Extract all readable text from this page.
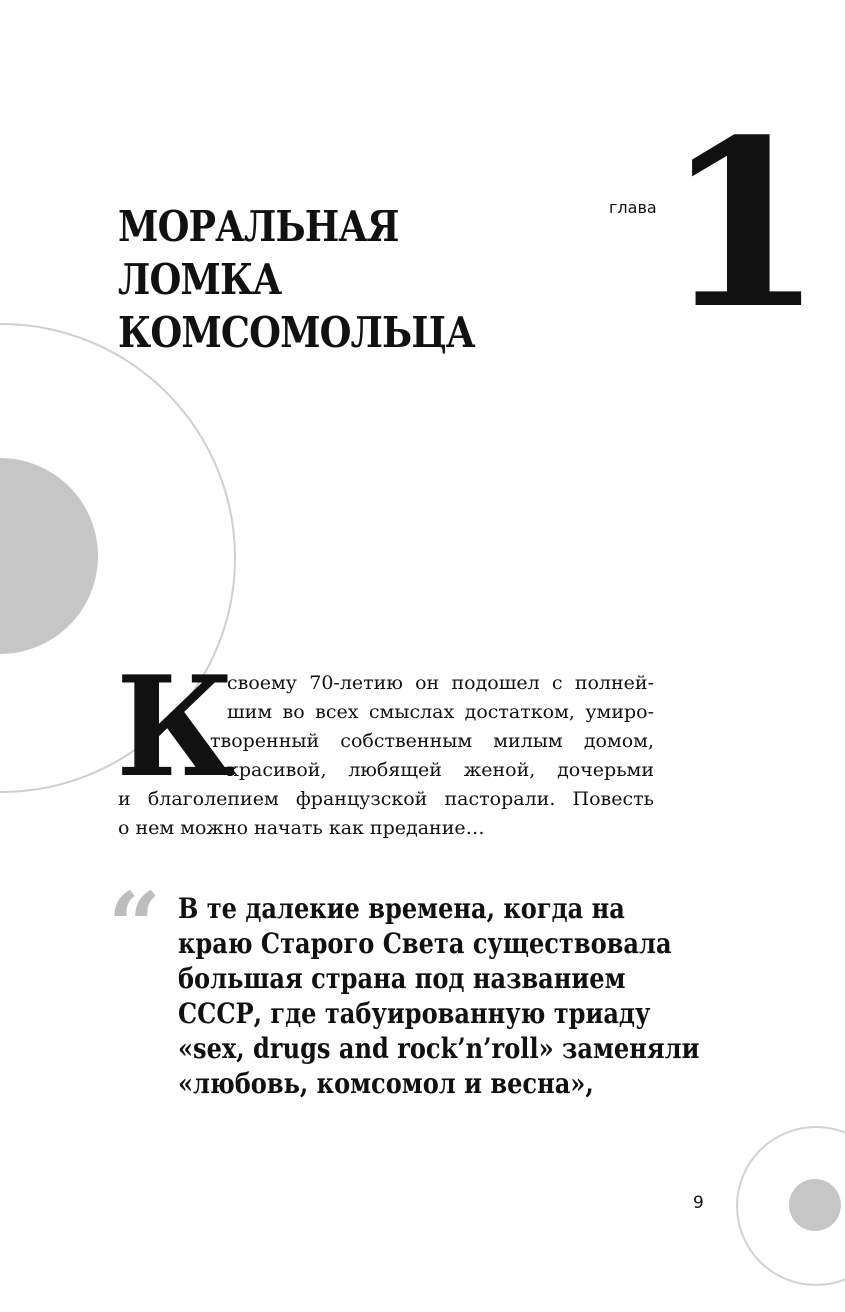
МОРАЛЬНАЯ
ЛОМКА
КОМСОМОЛЬЦА
глава 1
К
своему 70-летию он подошел с полней-
шим во всех смыслах достатком, умиро-
творенный собственным милым домом,
красивой, любящей женой, дочерьми
и благолепием французской пасторали. Повесть
о нем можно начать как предание…
“ В те далекие времена, когда на
краю Старого Света существовала
большая страна под названием
СССР, где табуированную триаду
«sex, drugs and rock’n’roll» заменяли
«любовь, комсомол и весна»,
9
